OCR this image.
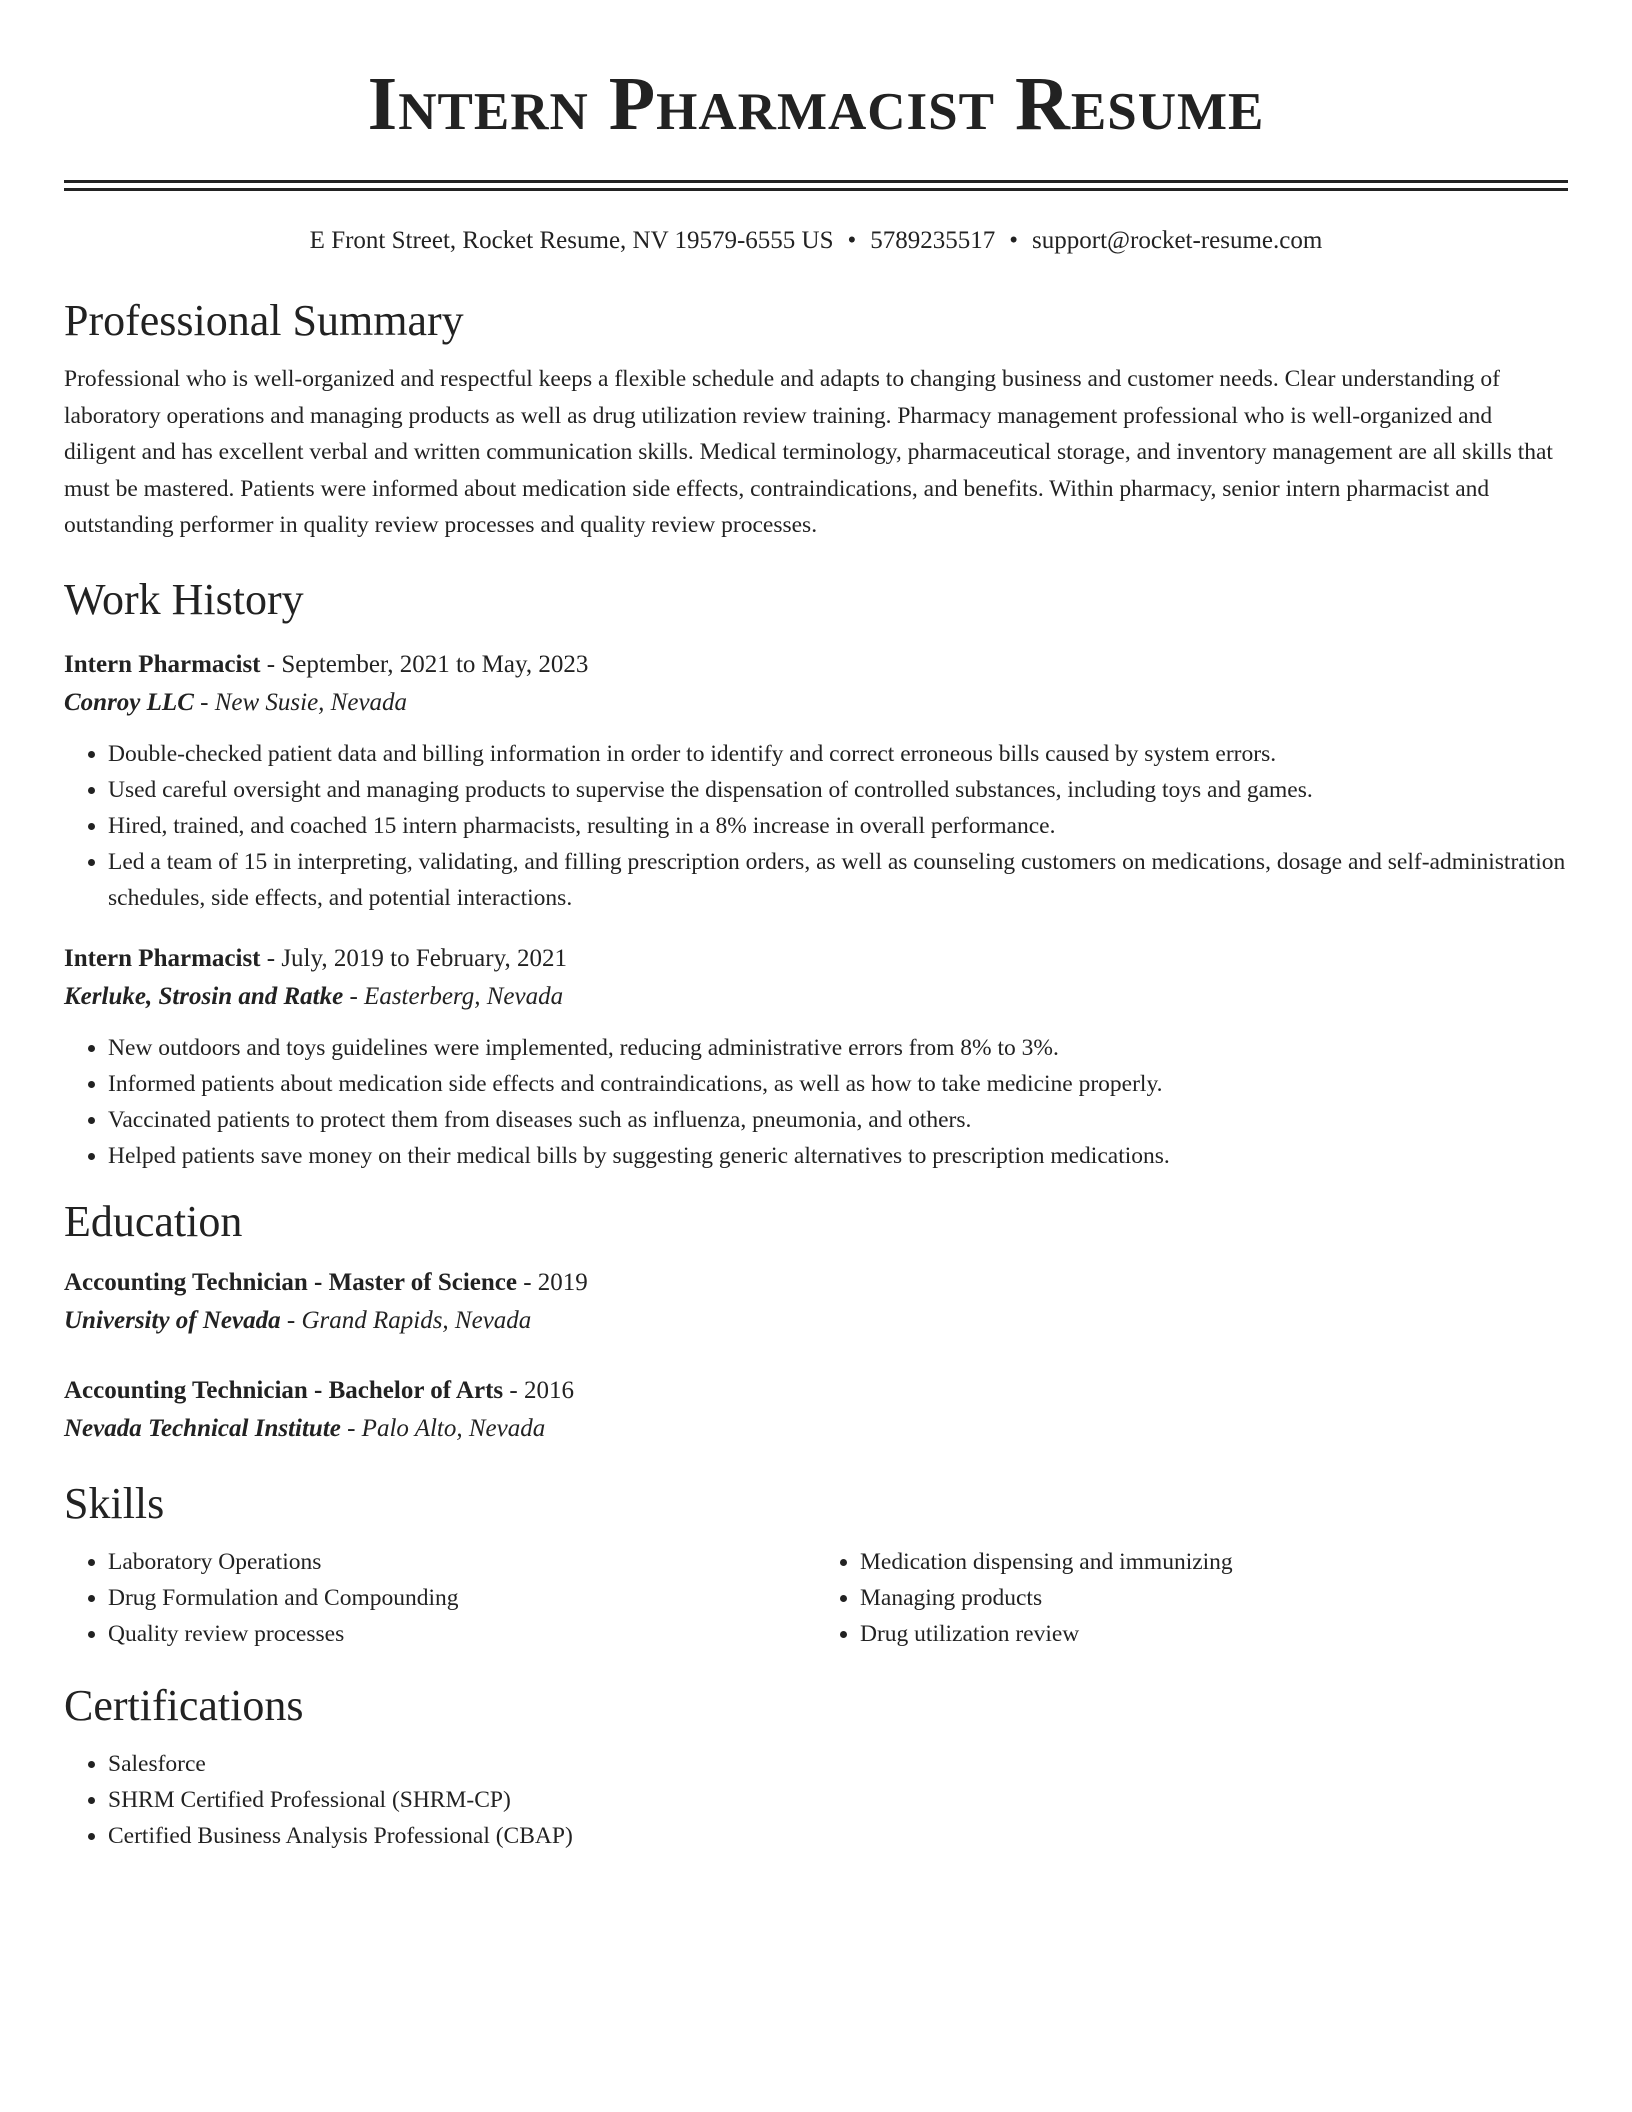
Intern Pharmacist Resume
E Front Street, Rocket Resume, NV 19579-6555 US • 5789235517 • support@rocket-resume.com
Professional Summary
Professional who is well-organized and respectful keeps a flexible schedule and adapts to changing business and customer needs. Clear understanding of laboratory operations and managing products as well as drug utilization review training. Pharmacy management professional who is well-organized and diligent and has excellent verbal and written communication skills. Medical terminology, pharmaceutical storage, and inventory management are all skills that must be mastered. Patients were informed about medication side effects, contraindications, and benefits. Within pharmacy, senior intern pharmacist and outstanding performer in quality review processes and quality review processes.
Work History
Intern Pharmacist - September, 2021 to May, 2023
Conroy LLC - New Susie, Nevada
• Double-checked patient data and billing information in order to identify and correct erroneous bills caused by system errors.
• Used careful oversight and managing products to supervise the dispensation of controlled substances, including toys and games.
• Hired, trained, and coached 15 intern pharmacists, resulting in a 8% increase in overall performance.
• Led a team of 15 in interpreting, validating, and filling prescription orders, as well as counseling customers on medications, dosage and self-administration schedules, side effects, and potential interactions.
Intern Pharmacist - July, 2019 to February, 2021
Kerluke, Strosin and Ratke - Easterberg, Nevada
• New outdoors and toys guidelines were implemented, reducing administrative errors from 8% to 3%.
• Informed patients about medication side effects and contraindications, as well as how to take medicine properly.
• Vaccinated patients to protect them from diseases such as influenza, pneumonia, and others.
• Helped patients save money on their medical bills by suggesting generic alternatives to prescription medications.
Education
Accounting Technician - Master of Science - 2019
University of Nevada - Grand Rapids, Nevada
Accounting Technician - Bachelor of Arts - 2016
Nevada Technical Institute - Palo Alto, Nevada
Skills
• Laboratory Operations
• Drug Formulation and Compounding
• Quality review processes
• Medication dispensing and immunizing
• Managing products
• Drug utilization review
Certifications
• Salesforce
• SHRM Certified Professional (SHRM-CP)
• Certified Business Analysis Professional (CBAP)
